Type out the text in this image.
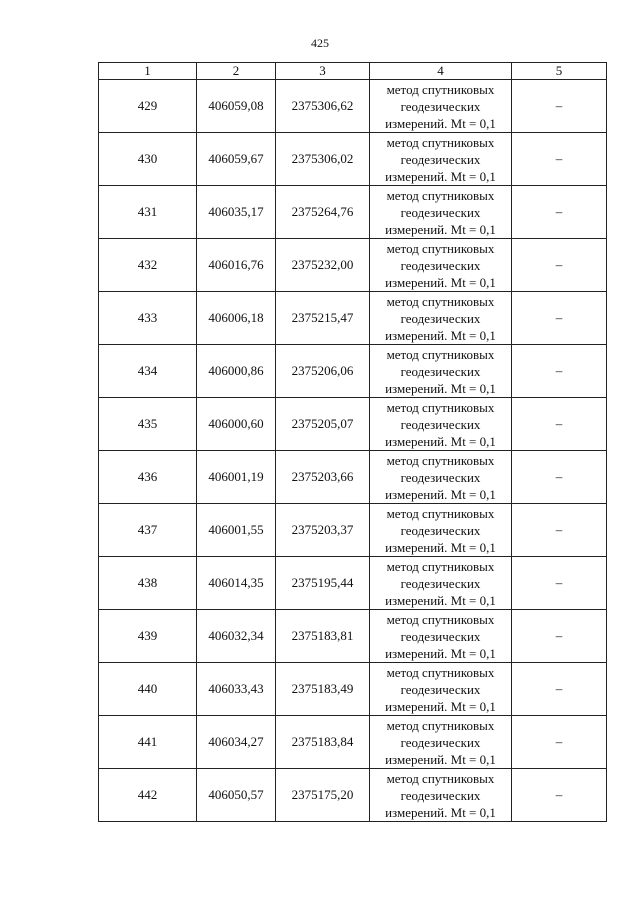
425
1	2	3	4	5
429	406059,08	2375306,62	метод спутниковых
геодезических
измерений. Mt = 0,1	–
430	406059,67	2375306,02	метод спутниковых
геодезических
измерений. Mt = 0,1	–
431	406035,17	2375264,76	метод спутниковых
геодезических
измерений. Mt = 0,1	–
432	406016,76	2375232,00	метод спутниковых
геодезических
измерений. Mt = 0,1	–
433	406006,18	2375215,47	метод спутниковых
геодезических
измерений. Mt = 0,1	–
434	406000,86	2375206,06	метод спутниковых
геодезических
измерений. Mt = 0,1	–
435	406000,60	2375205,07	метод спутниковых
геодезических
измерений. Mt = 0,1	–
436	406001,19	2375203,66	метод спутниковых
геодезических
измерений. Mt = 0,1	–
437	406001,55	2375203,37	метод спутниковых
геодезических
измерений. Mt = 0,1	–
438	406014,35	2375195,44	метод спутниковых
геодезических
измерений. Mt = 0,1	–
439	406032,34	2375183,81	метод спутниковых
геодезических
измерений. Mt = 0,1	–
440	406033,43	2375183,49	метод спутниковых
геодезических
измерений. Mt = 0,1	–
441	406034,27	2375183,84	метод спутниковых
геодезических
измерений. Mt = 0,1	–
442	406050,57	2375175,20	метод спутниковых
геодезических
измерений. Mt = 0,1	–
